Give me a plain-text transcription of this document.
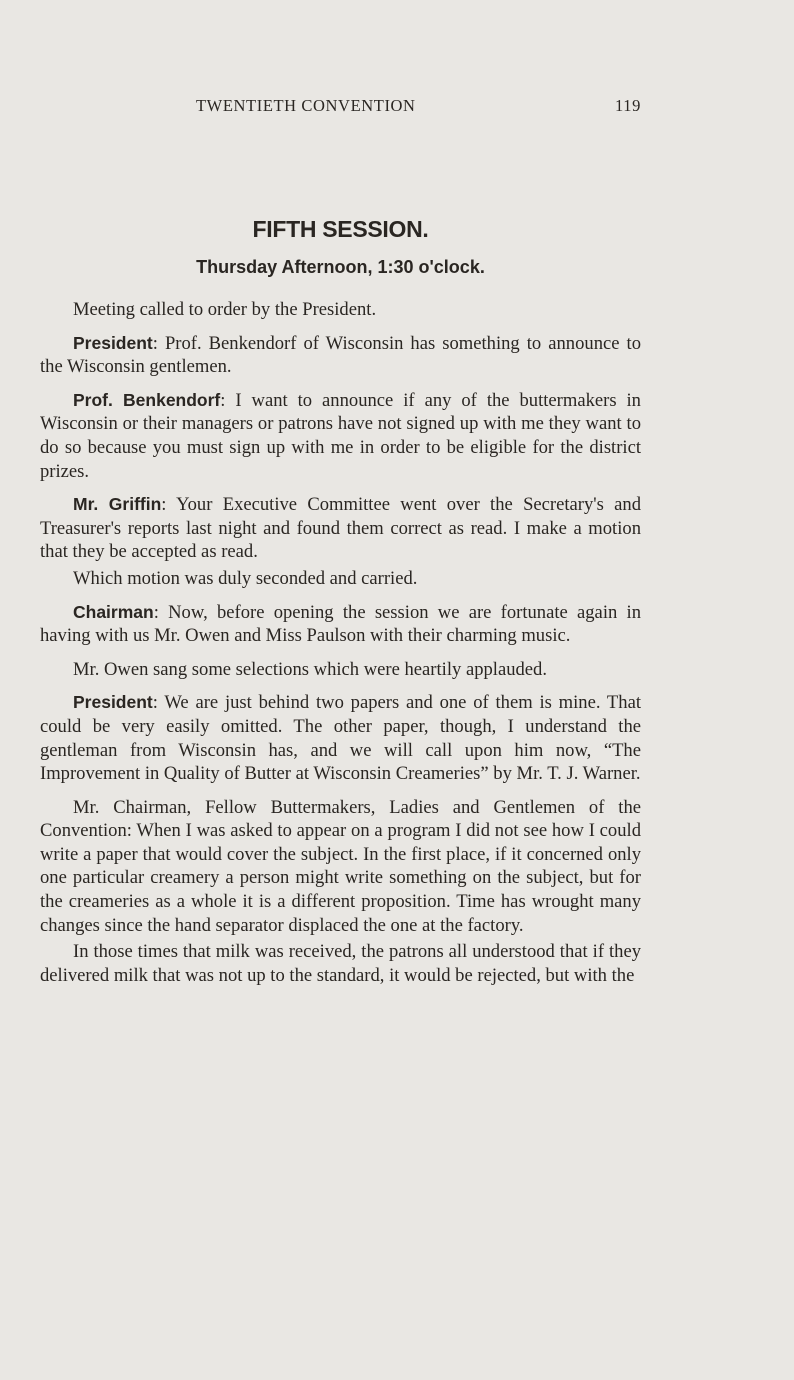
TWENTIETH CONVENTION	119
FIFTH SESSION.
Thursday Afternoon, 1:30 o'clock.

Meeting called to order by the President.

President: Prof. Benkendorf of Wisconsin has something to announce to the Wisconsin gentlemen.

Prof. Benkendorf: I want to announce if any of the buttermakers in Wisconsin or their managers or patrons have not signed up with me they want to do so because you must sign up with me in order to be eligible for the district prizes.

Mr. Griffin: Your Executive Committee went over the Secretary's and Treasurer's reports last night and found them correct as read. I make a motion that they be accepted as read.

Which motion was duly seconded and carried.

Chairman: Now, before opening the session we are fortunate again in having with us Mr. Owen and Miss Paulson with their charming music.

Mr. Owen sang some selections which were heartily applauded.

President: We are just behind two papers and one of them is mine. That could be very easily omitted. The other paper, though, I understand the gentleman from Wisconsin has, and we will call upon him now, “The Improvement in Quality of Butter at Wisconsin Creameries” by Mr. T. J. Warner.

Mr. Chairman, Fellow Buttermakers, Ladies and Gentlemen of the Convention: When I was asked to appear on a program I did not see how I could write a paper that would cover the subject. In the first place, if it concerned only one particular creamery a person might write something on the subject, but for the creameries as a whole it is a different proposition. Time has wrought many changes since the hand separator displaced the one at the factory.

In those times that milk was received, the patrons all understood that if they delivered milk that was not up to the standard, it would be rejected, but with the
